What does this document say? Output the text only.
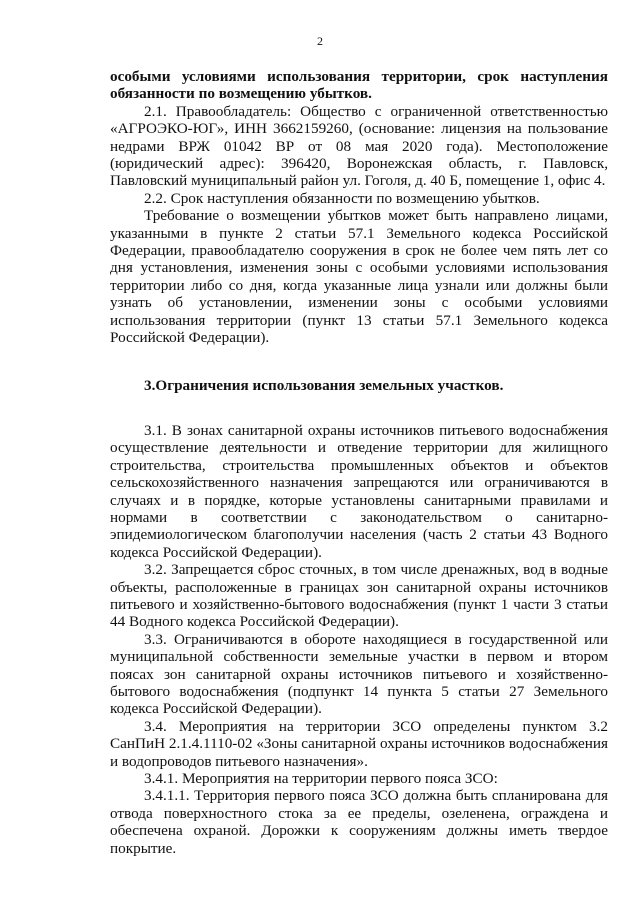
2

особыми условиями использования территории, срок наступления обязанности по возмещению убытков.

2.1. Правообладатель: Общество с ограниченной ответственностью «АГРОЭКО-ЮГ», ИНН 3662159260, (основание: лицензия на пользование недрами ВРЖ 01042 ВР от 08 мая 2020 года). Местоположение (юридический адрес): 396420, Воронежская область, г. Павловск, Павловский муниципальный район ул. Гоголя, д. 40 Б, помещение 1, офис 4.

2.2. Срок наступления обязанности по возмещению убытков.

Требование о возмещении убытков может быть направлено лицами, указанными в пункте 2 статьи 57.1 Земельного кодекса Российской Федерации, правообладателю сооружения в срок не более чем пять лет со дня установления, изменения зоны с особыми условиями использования территории либо со дня, когда указанные лица узнали или должны были узнать об установлении, изменении зоны с особыми условиями использования территории (пункт 13 статьи 57.1 Земельного кодекса Российской Федерации).

3.Ограничения использования земельных участков.

3.1. В зонах санитарной охраны источников питьевого водоснабжения осуществление деятельности и отведение территории для жилищного строительства, строительства промышленных объектов и объектов сельскохозяйственного назначения запрещаются или ограничиваются в случаях и в порядке, которые установлены санитарными правилами и нормами в соответствии с законодательством о санитарно-эпидемиологическом благополучии населения (часть 2 статьи 43 Водного кодекса Российской Федерации).

3.2. Запрещается сброс сточных, в том числе дренажных, вод в водные объекты, расположенные в границах зон санитарной охраны источников питьевого и хозяйственно-бытового водоснабжения (пункт 1 части 3 статьи 44 Водного кодекса Российской Федерации).

3.3. Ограничиваются в обороте находящиеся в государственной или муниципальной собственности земельные участки в первом и втором поясах зон санитарной охраны источников питьевого и хозяйственно-бытового водоснабжения (подпункт 14 пункта 5 статьи 27 Земельного кодекса Российской Федерации).

3.4. Мероприятия на территории ЗСО определены пунктом 3.2 СанПиН 2.1.4.1110-02 «Зоны санитарной охраны источников водоснабжения и водопроводов питьевого назначения».

3.4.1. Мероприятия на территории первого пояса ЗСО:

3.4.1.1. Территория первого пояса ЗСО должна быть спланирована для отвода поверхностного стока за ее пределы, озеленена, ограждена и обеспечена охраной. Дорожки к сооружениям должны иметь твердое покрытие.
